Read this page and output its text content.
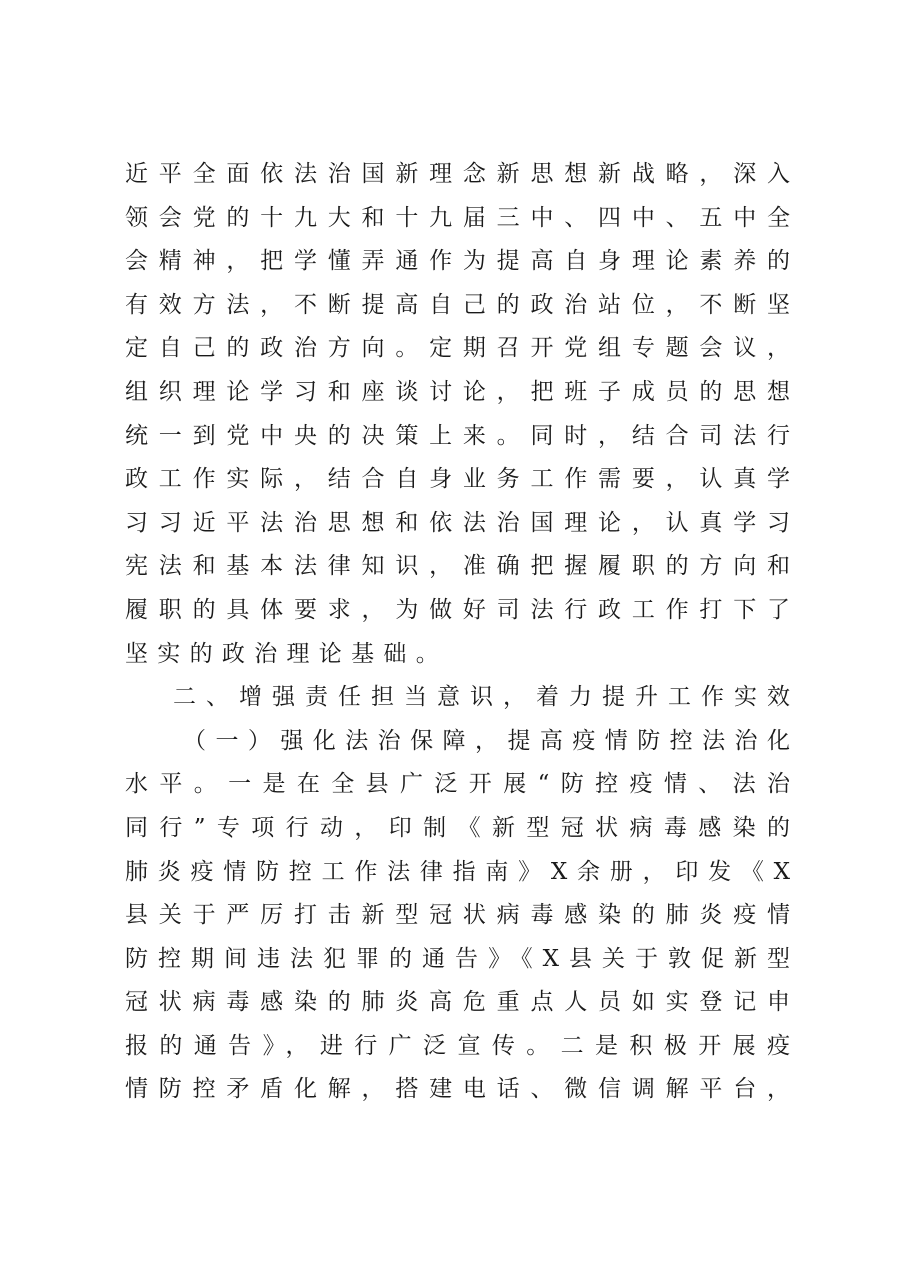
近平全面依法治国新理念新思想新战略，深入
领会党的十九大和十九届三中、四中、五中全
会精神，把学懂弄通作为提高自身理论素养的
有效方法，不断提高自己的政治站位，不断坚
定自己的政治方向。定期召开党组专题会议，
组织理论学习和座谈讨论，把班子成员的思想
统一到党中央的决策上来。同时，结合司法行
政工作实际，结合自身业务工作需要，认真学
习习近平法治思想和依法治国理论，认真学习
宪法和基本法律知识，准确把握履职的方向和
履职的具体要求，为做好司法行政工作打下了
坚实的政治理论基础。
二、增强责任担当意识，着力提升工作实效
（一）强化法治保障，提高疫情防控法治化
水平。一是在全县广泛开展“防控疫情、法治
同行”专项行动，印制《新型冠状病毒感染的
肺炎疫情防控工作法律指南》X余册，印发《X
县关于严厉打击新型冠状病毒感染的肺炎疫情
防控期间违法犯罪的通告》《X县关于敦促新型
冠状病毒感染的肺炎高危重点人员如实登记申
报的通告》，进行广泛宣传。二是积极开展疫
情防控矛盾化解，搭建电话、微信调解平台，
